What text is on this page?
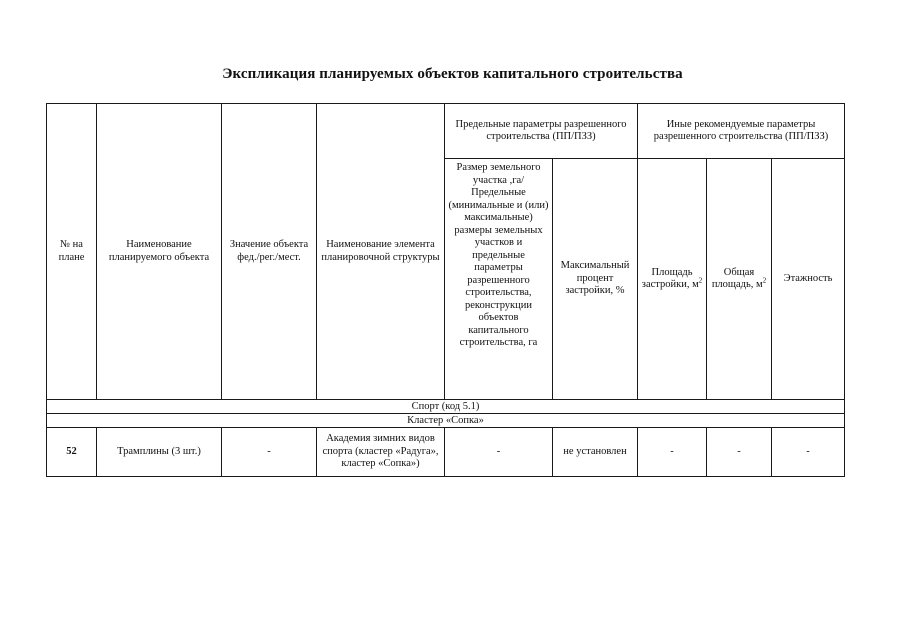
Экспликация планируемых объектов капитального строительства
№ на плане	Наименование планируемого объекта	Значение объекта фед./рег./мест.	Наименование элемента планировочной структуры	Предельные параметры разрешенного строительства (ПП/ПЗЗ)		Иные рекомендуемые параметры разрешенного строительства (ПП/ПЗЗ)		
				Размер земельного участка ,га/ Предельные (минимальные и (или) максимальные) размеры земельных участков и предельные параметры разрешенного строительства, реконструкции объектов капитального строительства, га	Максимальный процент застройки, %	Площадь застройки, $м^2$	Общая площадь, $м^2$	Этажность
Спорт (код 5.1)								
Кластер «Сопка»								
52	Трамплины (3 шт.)	-	Академия зимних видов спорта (кластер «Радуга», кластер «Сопка»)	-	не установлен	-	-	-
